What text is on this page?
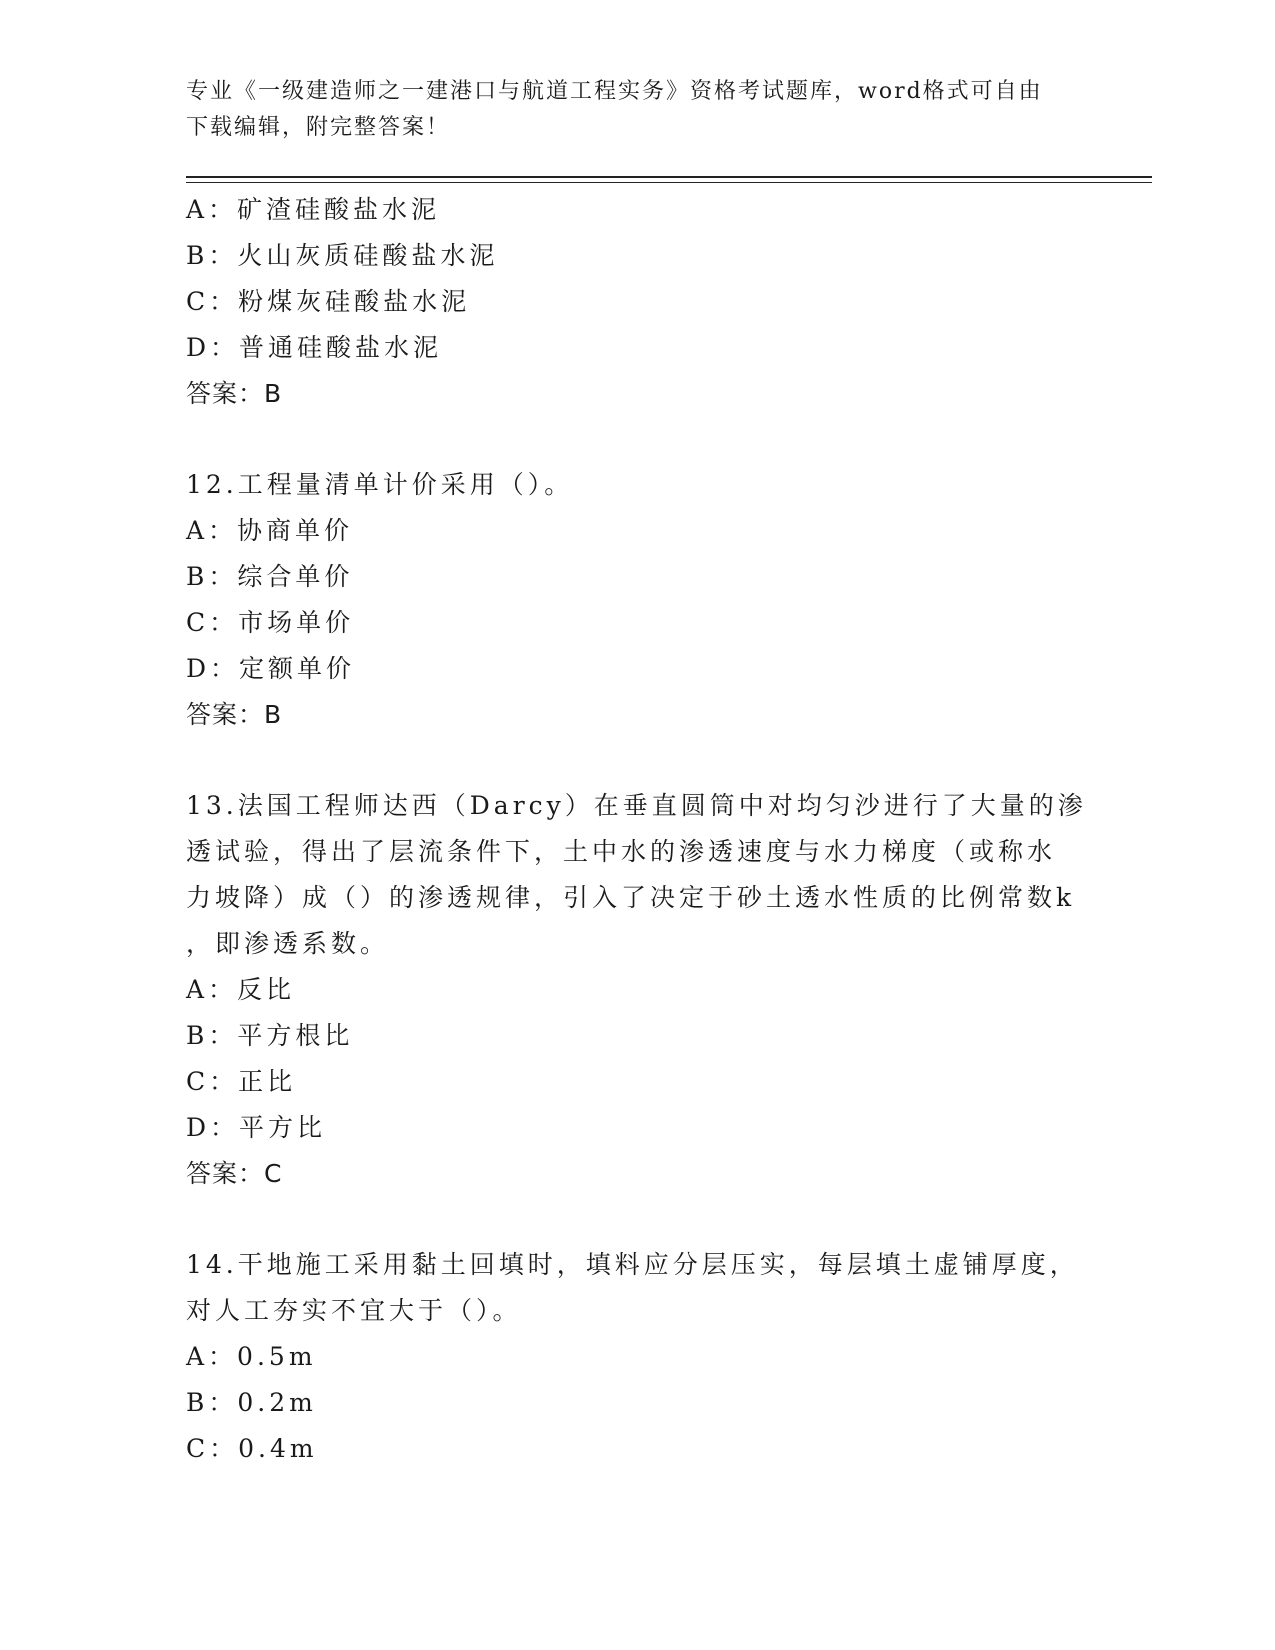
专业《一级建造师之一建港口与航道工程实务》资格考试题库，word格式可自由
下载编辑，附完整答案！
A：矿渣硅酸盐水泥
B：火山灰质硅酸盐水泥
C：粉煤灰硅酸盐水泥
D：普通硅酸盐水泥
答案：B
12.工程量清单计价采用（）。
A：协商单价
B：综合单价
C：市场单价
D：定额单价
答案：B
13.法国工程师达西（Darcy）在垂直圆筒中对均匀沙进行了大量的渗
透试验，得出了层流条件下，土中水的渗透速度与水力梯度（或称水
力坡降）成（）的渗透规律，引入了决定于砂土透水性质的比例常数k
，即渗透系数。
A：反比
B：平方根比
C：正比
D：平方比
答案：C
14.干地施工采用黏土回填时，填料应分层压实，每层填土虚铺厚度，
对人工夯实不宜大于（）。
A：0.5m
B：0.2m
C：0.4m
